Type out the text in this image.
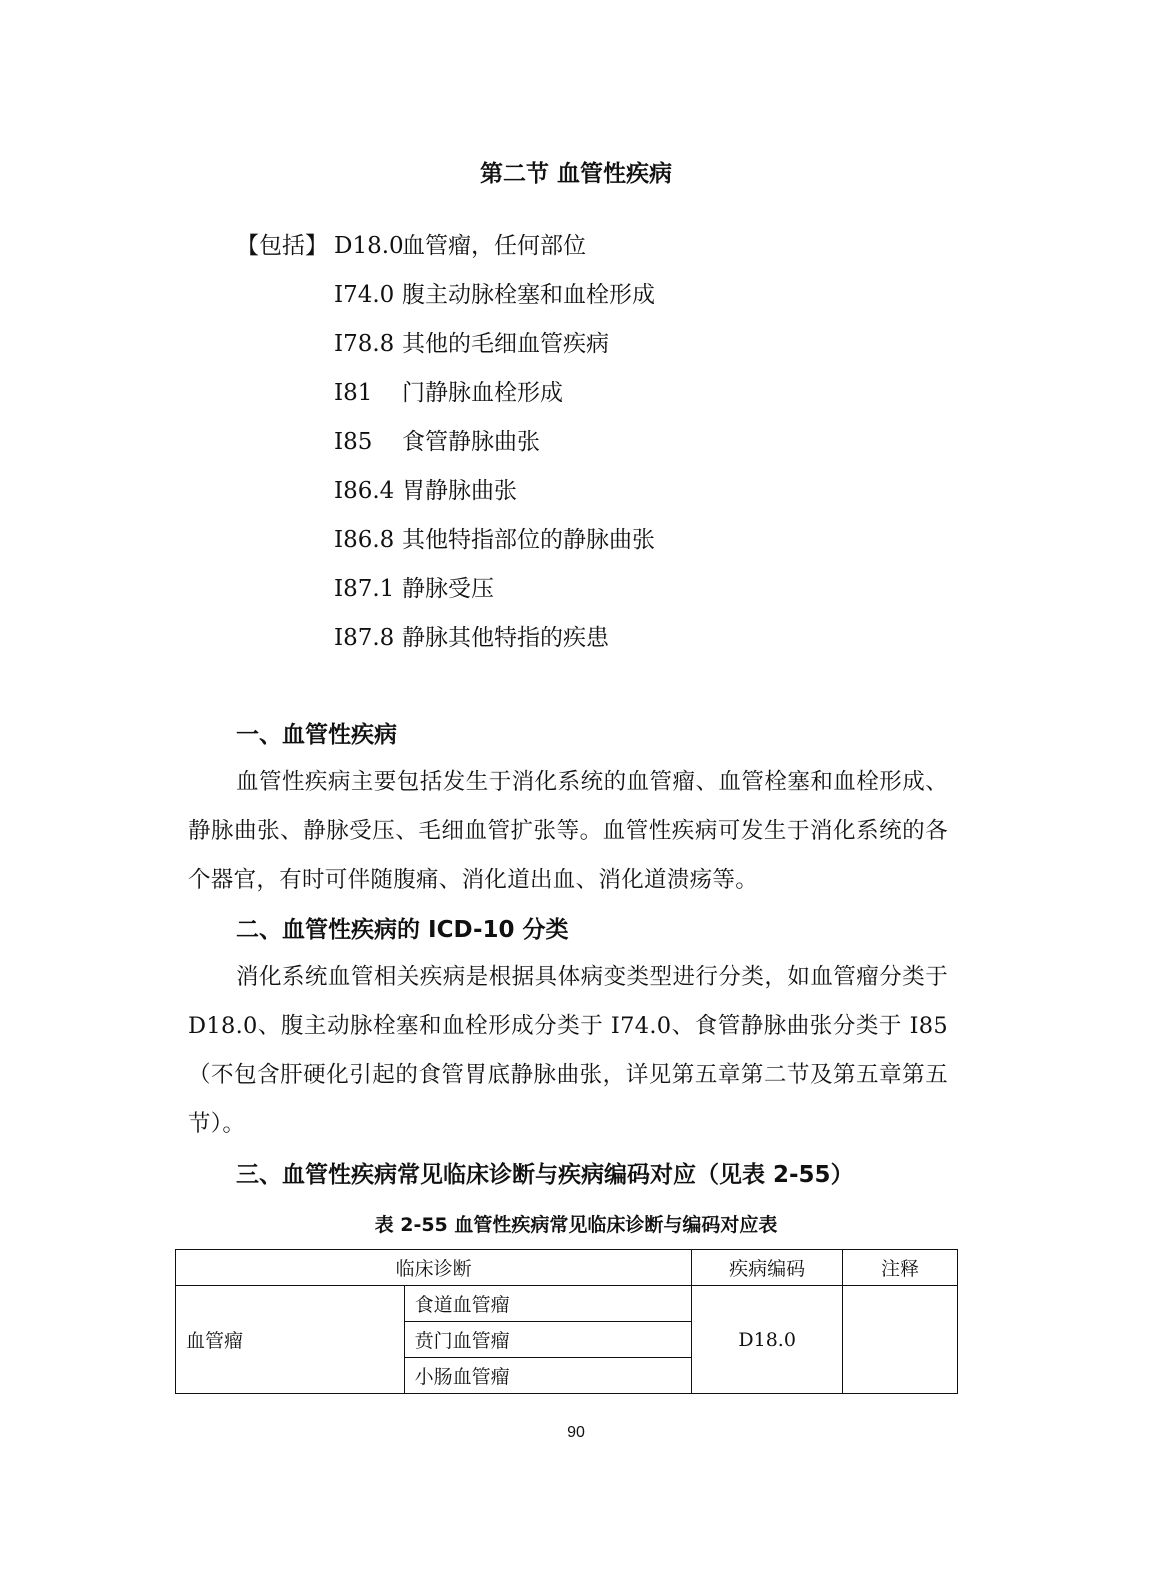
第二节 血管性疾病
【包括】 D18.0血管瘤，任何部位
I74.0 腹主动脉栓塞和血栓形成
I78.8 其他的毛细血管疾病
I81 门静脉血栓形成
I85 食管静脉曲张
I86.4 胃静脉曲张
I86.8 其他特指部位的静脉曲张
I87.1 静脉受压
I87.8 静脉其他特指的疾患
一、血管性疾病
血管性疾病主要包括发生于消化系统的血管瘤、血管栓塞和血栓形成、静脉曲张、静脉受压、毛细血管扩张等。血管性疾病可发生于消化系统的各个器官，有时可伴随腹痛、消化道出血、消化道溃疡等。
二、血管性疾病的 ICD-10 分类
消化系统血管相关疾病是根据具体病变类型进行分类，如血管瘤分类于 D18.0、腹主动脉栓塞和血栓形成分类于 I74.0、食管静脉曲张分类于 I85（不包含肝硬化引起的食管胃底静脉曲张，详见第五章第二节及第五章第五节）。
三、血管性疾病常见临床诊断与疾病编码对应（见表 2-55）
表 2-55 血管性疾病常见临床诊断与编码对应表
临床诊断		疾病编码	注释
血管瘤	食道血管瘤	D18.0	
	贲门血管瘤		
	小肠血管瘤		
90
